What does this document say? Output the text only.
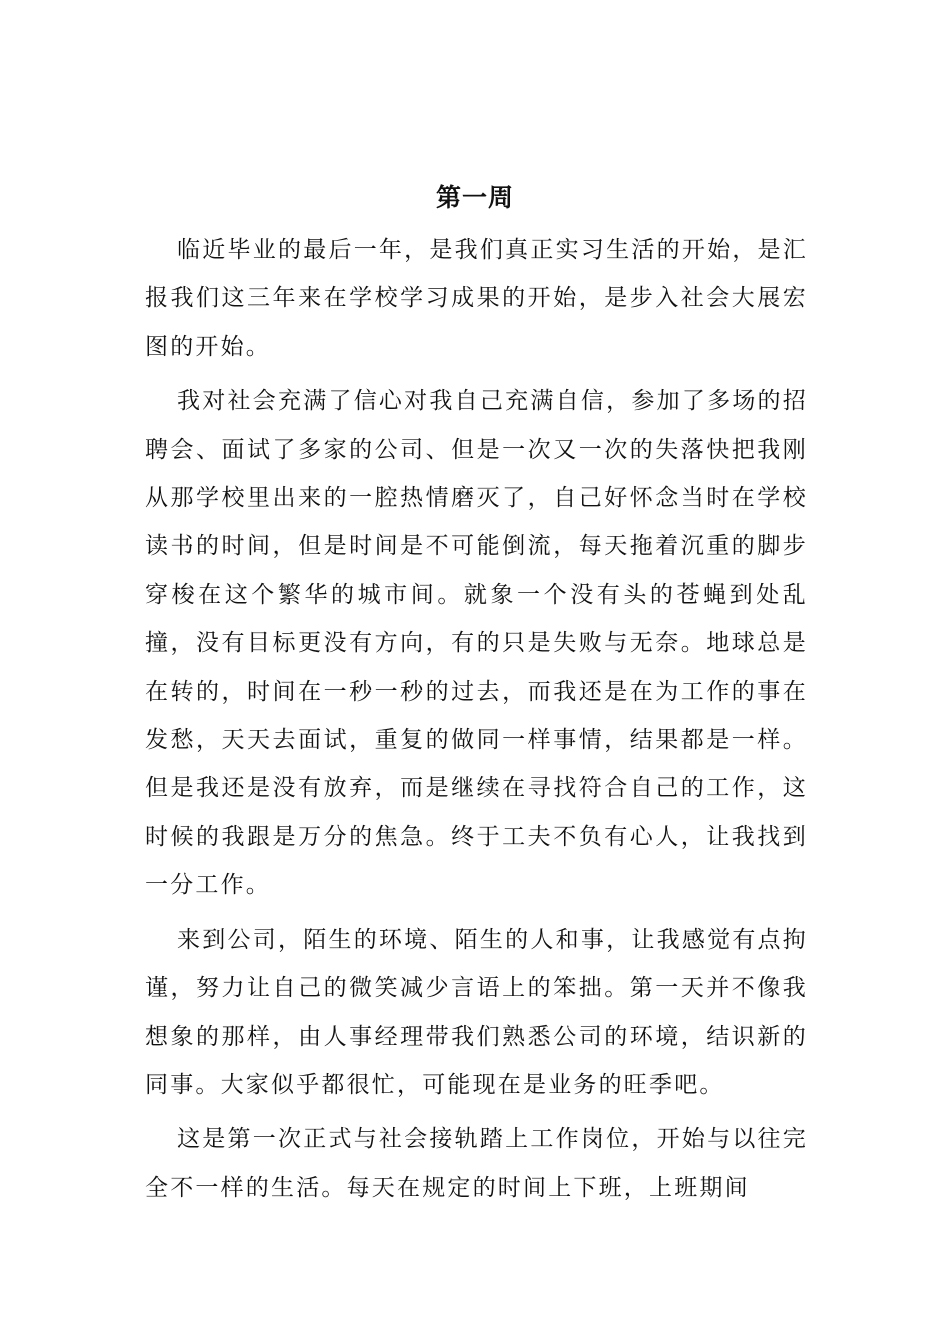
第一周

临近毕业的最后一年，是我们真正实习生活的开始，是汇报我们这三年来在学校学习成果的开始，是步入社会大展宏图的开始。

我对社会充满了信心对我自己充满自信，参加了多场的招聘会、面试了多家的公司、但是一次又一次的失落快把我刚从那学校里出来的一腔热情磨灭了，自己好怀念当时在学校读书的时间，但是时间是不可能倒流，每天拖着沉重的脚步穿梭在这个繁华的城市间。就象一个没有头的苍蝇到处乱撞，没有目标更没有方向，有的只是失败与无奈。地球总是在转的，时间在一秒一秒的过去，而我还是在为工作的事在发愁，天天去面试，重复的做同一样事情，结果都是一样。但是我还是没有放弃，而是继续在寻找符合自己的工作，这时候的我跟是万分的焦急。终于工夫不负有心人，让我找到一分工作。

来到公司，陌生的环境、陌生的人和事，让我感觉有点拘谨，努力让自己的微笑减少言语上的笨拙。第一天并不像我想象的那样，由人事经理带我们熟悉公司的环境，结识新的同事。大家似乎都很忙，可能现在是业务的旺季吧。

这是第一次正式与社会接轨踏上工作岗位，开始与以往完全不一样的生活。每天在规定的时间上下班，上班期间
